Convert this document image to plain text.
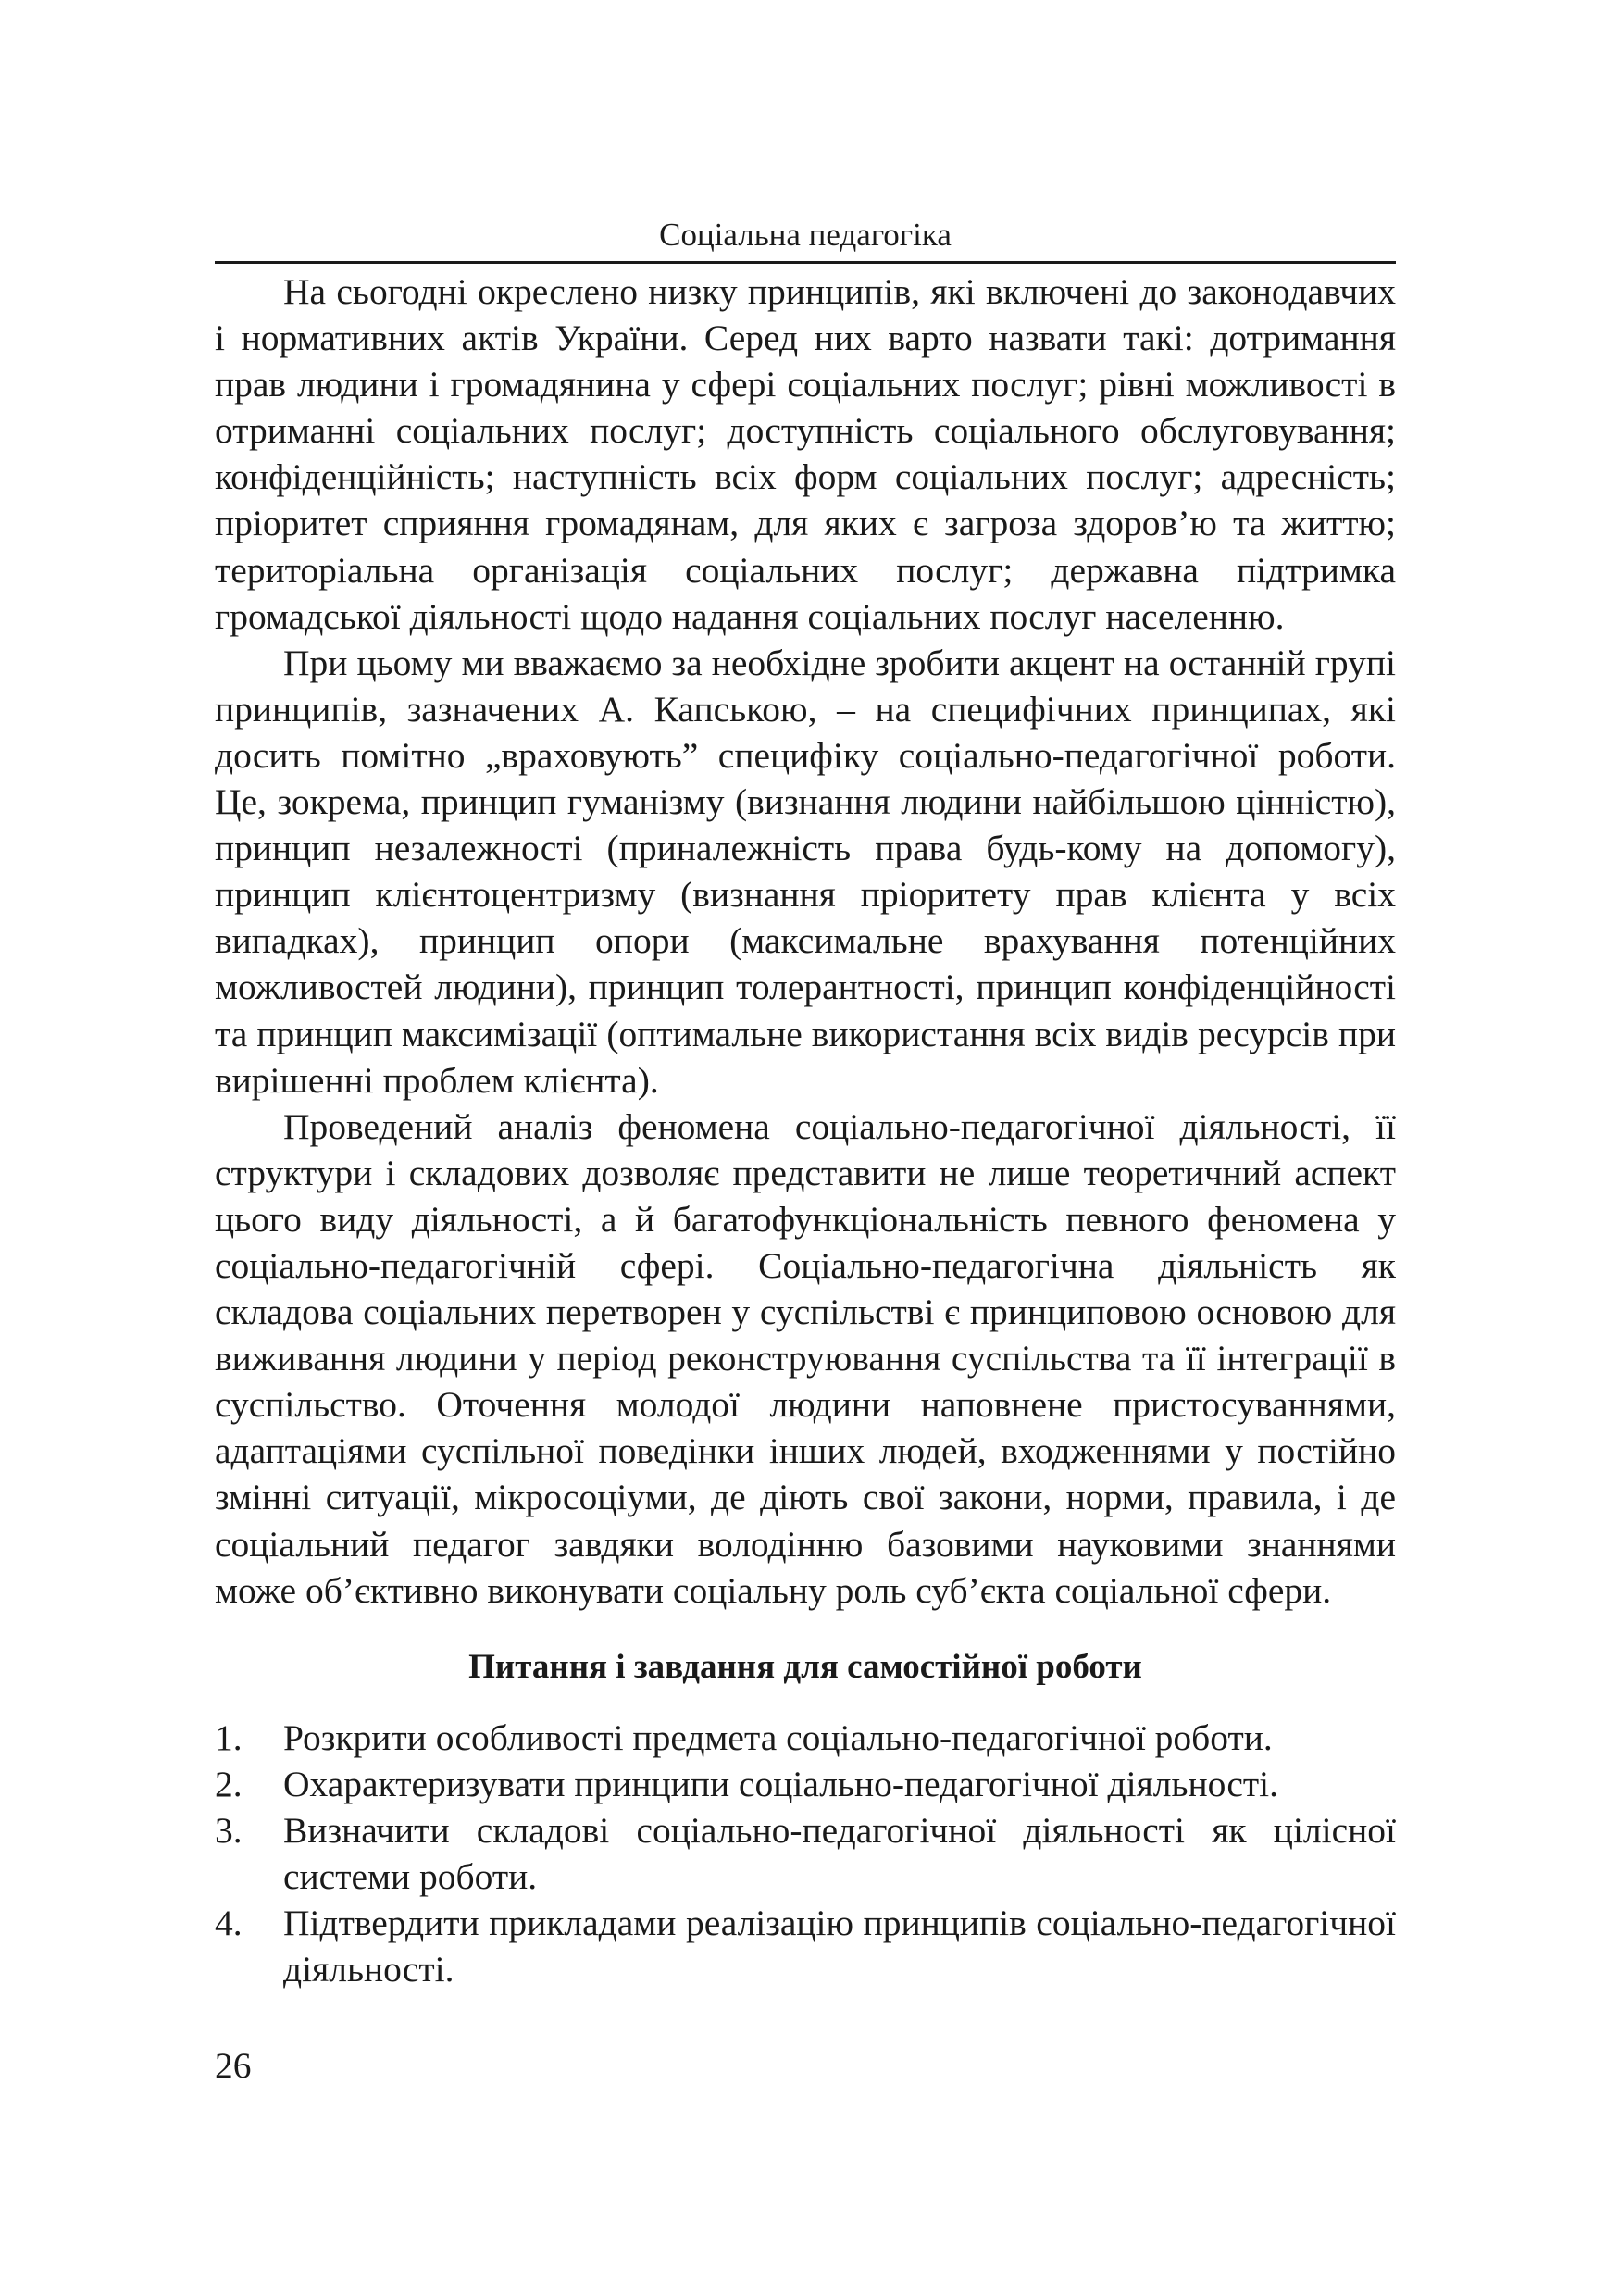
Соціальна педагогіка

На сьогодні окреслено низку принципів, які включені до законодавчих і нормативних актів України. Серед них варто назвати такі: дотримання прав людини і громадянина у сфері соціальних послуг; рівні можливості в отриманні соціальних послуг; доступність соціального обслуговування; конфіденційність; наступність всіх форм соціальних послуг; адресність; пріоритет сприяння громадянам, для яких є загроза здоров’ю та життю; територіальна організація соціальних послуг; державна підтримка громадської діяльності щодо надання соціальних послуг населенню.

При цьому ми вважаємо за необхідне зробити акцент на останній групі принципів, зазначених А. Капською, – на специфічних принципах, які досить помітно „враховують” специфіку соціально-педагогічної роботи. Це, зокрема, принцип гуманізму (визнання людини найбільшою цінністю), принцип незалежності (приналежність права будь-кому на допомогу), принцип клієнтоцентризму (визнання пріоритету прав клієнта у всіх випадках), принцип опори (максимальне врахування потенційних можливостей людини), принцип толерантності, принцип конфіденційності та принцип максимізації (оптимальне використання всіх видів ресурсів при вирішенні проблем клієнта).

Проведений аналіз феномена соціально-педагогічної діяльності, її структури і складових дозволяє представити не лише теоретичний аспект цього виду діяльності, а й багатофункціональність певного феномена у соціально-педагогічній сфері. Соціально-педагогічна діяльність як складова соціальних перетворен у суспільстві є принциповою основою для виживання людини у період реконструювання суспільства та її інтеграції в суспільство. Оточення молодої людини наповнене пристосуваннями, адаптаціями суспільної поведінки інших людей, входженнями у постійно змінні ситуації, мікросоціуми, де діють свої закони, норми, правила, і де соціальний педагог завдяки володінню базовими науковими знаннями може об’єктивно виконувати соціальну роль суб’єкта соціальної сфери.

Питання і завдання для самостійної роботи
1. Розкрити особливості предмета соціально-педагогічної роботи.
2. Охарактеризувати принципи соціально-педагогічної діяльності.
3. Визначити складові соціально-педагогічної діяльності як цілісної системи роботи.
4. Підтвердити прикладами реалізацію принципів соціально-педагогічної діяльності.
26
